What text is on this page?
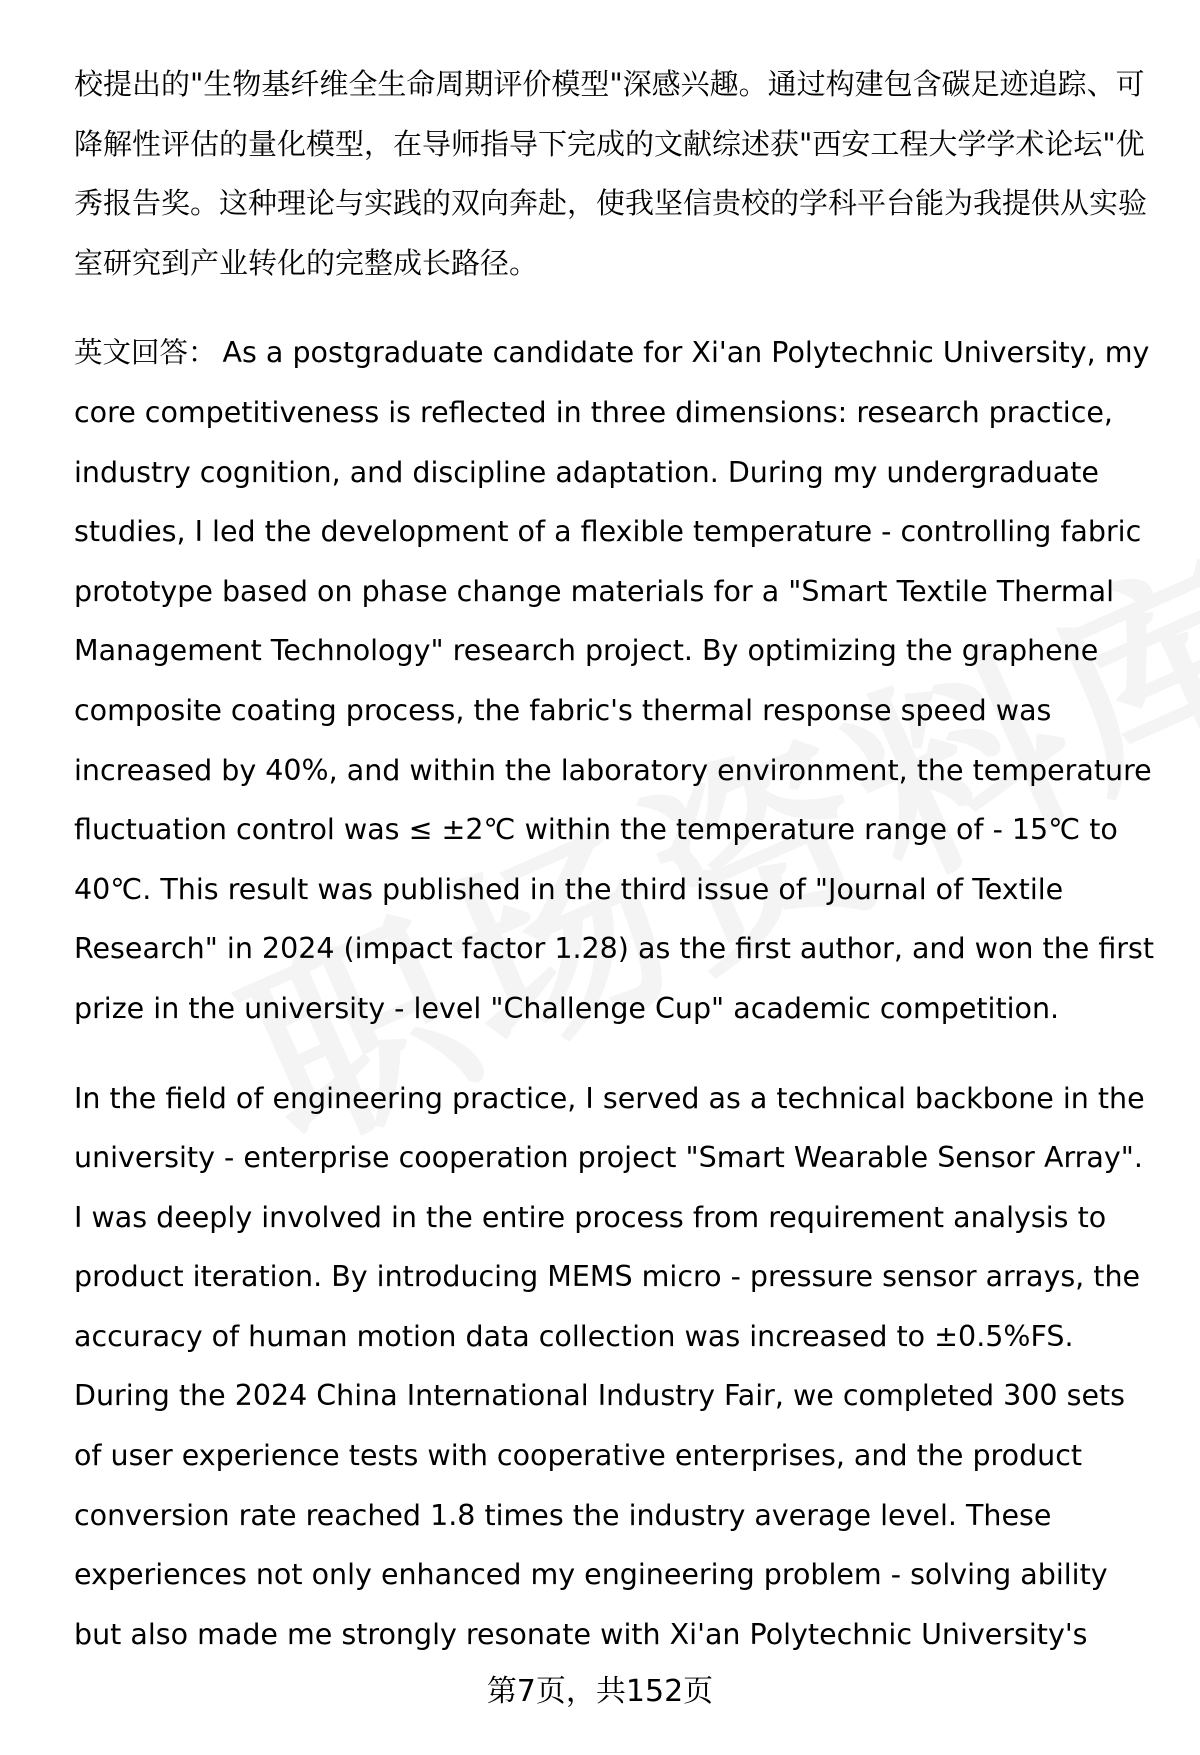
校提出的"生物基纤维全生命周期评价模型"深感兴趣。通过构建包含碳足迹追踪、可降解性评估的量化模型，在导师指导下完成的文献综述获"西安工程大学学术论坛"优秀报告奖。这种理论与实践的双向奔赴，使我坚信贵校的学科平台能为我提供从实验室研究到产业转化的完整成长路径。

英文回答： As a postgraduate candidate for Xi'an Polytechnic University, my core competitiveness is reflected in three dimensions: research practice, industry cognition, and discipline adaptation. During my undergraduate studies, I led the development of a flexible temperature - controlling fabric prototype based on phase change materials for a "Smart Textile Thermal Management Technology" research project. By optimizing the graphene composite coating process, the fabric's thermal response speed was increased by 40%, and within the laboratory environment, the temperature fluctuation control was ≤ ±2℃ within the temperature range of - 15℃ to 40℃. This result was published in the third issue of "Journal of Textile Research" in 2024 (impact factor 1.28) as the first author, and won the first prize in the university - level "Challenge Cup" academic competition.

In the field of engineering practice, I served as a technical backbone in the university - enterprise cooperation project "Smart Wearable Sensor Array". I was deeply involved in the entire process from requirement analysis to product iteration. By introducing MEMS micro - pressure sensor arrays, the accuracy of human motion data collection was increased to ±0.5%FS. During the 2024 China International Industry Fair, we completed 300 sets of user experience tests with cooperative enterprises, and the product conversion rate reached 1.8 times the industry average level. These experiences not only enhanced my engineering problem - solving ability but also made me strongly resonate with Xi'an Polytechnic University's

第7页，共152页
